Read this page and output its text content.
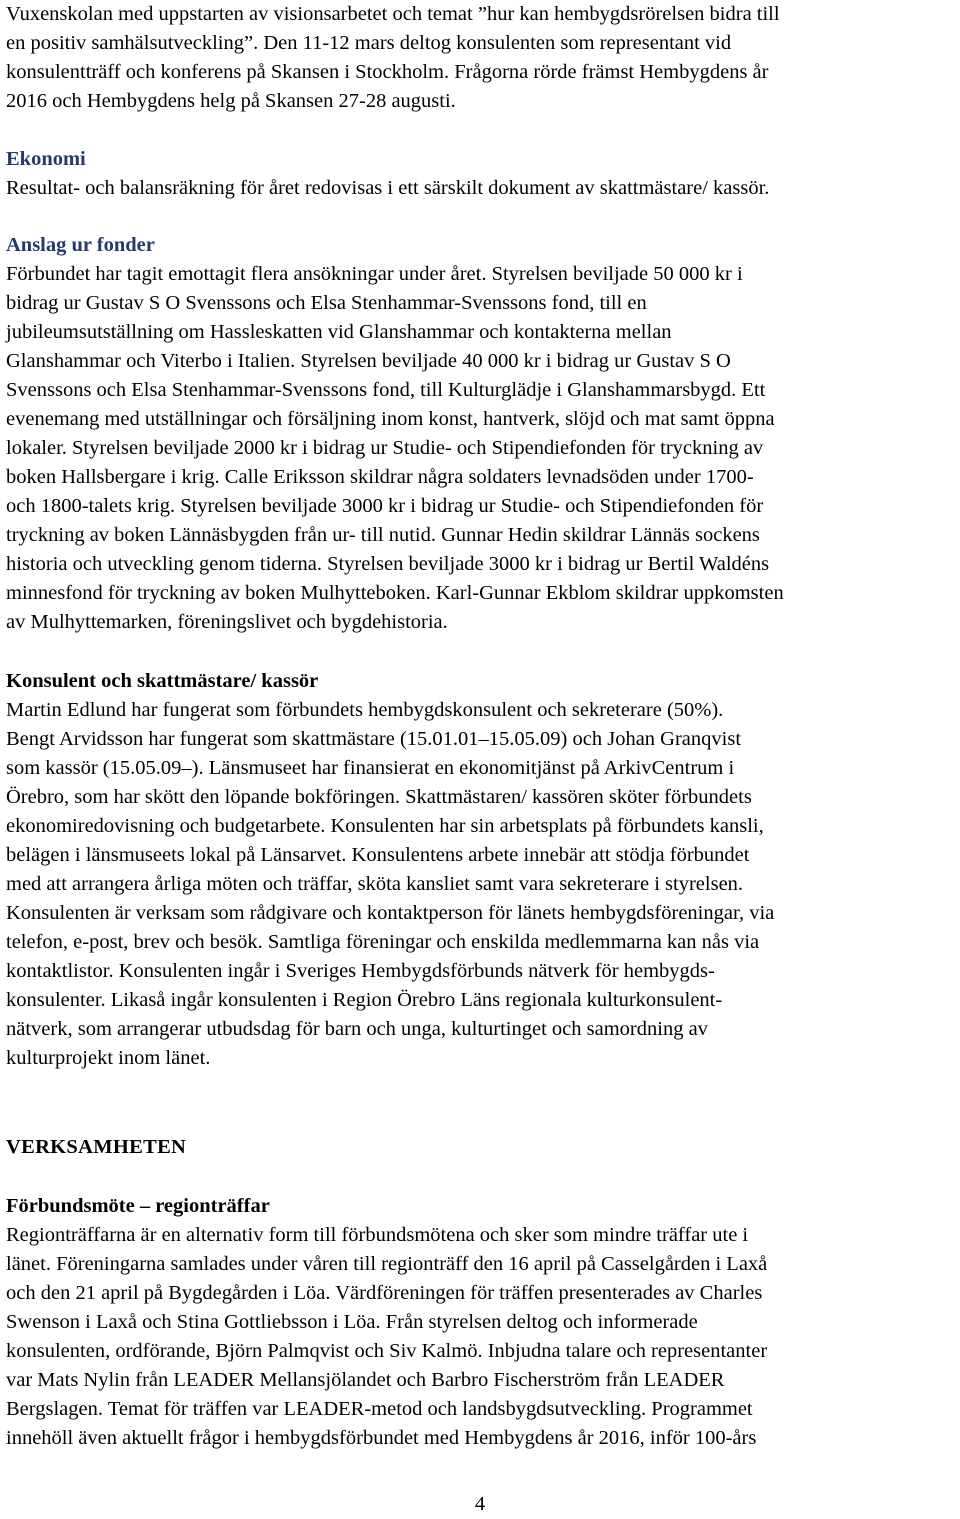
Vuxenskolan med uppstarten av visionsarbetet och temat ”hur kan hembygdsrörelsen bidra till
en positiv samhälsutveckling”. Den 11-12 mars deltog konsulenten som representant vid
konsulentträff och konferens på Skansen i Stockholm. Frågorna rörde främst Hembygdens år
2016 och Hembygdens helg på Skansen 27-28 augusti.
Ekonomi
Resultat- och balansräkning för året redovisas i ett särskilt dokument av skattmästare/ kassör.
Anslag ur fonder
Förbundet har tagit emottagit flera ansökningar under året. Styrelsen beviljade 50 000 kr i
bidrag ur Gustav S O Svenssons och Elsa Stenhammar-Svenssons fond, till en
jubileumsutställning om Hassleskatten vid Glanshammar och kontakterna mellan
Glanshammar och Viterbo i Italien. Styrelsen beviljade 40 000 kr i bidrag ur Gustav S O
Svenssons och Elsa Stenhammar-Svenssons fond, till Kulturglädje i Glanshammarsbygd. Ett
evenemang med utställningar och försäljning inom konst, hantverk, slöjd och mat samt öppna
lokaler. Styrelsen beviljade 2000 kr i bidrag ur Studie- och Stipendiefonden för tryckning av
boken Hallsbergare i krig. Calle Eriksson skildrar några soldaters levnadsöden under 1700-
och 1800-talets krig. Styrelsen beviljade 3000 kr i bidrag ur Studie- och Stipendiefonden för
tryckning av boken Lännäsbygden från ur- till nutid. Gunnar Hedin skildrar Lännäs sockens
historia och utveckling genom tiderna. Styrelsen beviljade 3000 kr i bidrag ur Bertil Waldéns
minnesfond för tryckning av boken Mulhytteboken. Karl-Gunnar Ekblom skildrar uppkomsten
av Mulhyttemarken, föreningslivet och bygdehistoria.
Konsulent och skattmästare/ kassör
Martin Edlund har fungerat som förbundets hembygdskonsulent och sekreterare (50%).
Bengt Arvidsson har fungerat som skattmästare (15.01.01–15.05.09) och Johan Granqvist
som kassör (15.05.09–). Länsmuseet har finansierat en ekonomitjänst på ArkivCentrum i
Örebro, som har skött den löpande bokföringen. Skattmästaren/ kassören sköter förbundets
ekonomiredovisning och budgetarbete. Konsulenten har sin arbetsplats på förbundets kansli,
belägen i länsmuseets lokal på Länsarvet. Konsulentens arbete innebär att stödja förbundet
med att arrangera årliga möten och träffar, sköta kansliet samt vara sekreterare i styrelsen.
Konsulenten är verksam som rådgivare och kontaktperson för länets hembygdsföreningar, via
telefon, e-post, brev och besök. Samtliga föreningar och enskilda medlemmarna kan nås via
kontaktlistor. Konsulenten ingår i Sveriges Hembygdsförbunds nätverk för hembygds-
konsulenter. Likaså ingår konsulenten i Region Örebro Läns regionala kulturkonsulent-
nätverk, som arrangerar utbudsdag för barn och unga, kulturtinget och samordning av
kulturprojekt inom länet.
VERKSAMHETEN
Förbundsmöte – regionträffar
Regionträffarna är en alternativ form till förbundsmötena och sker som mindre träffar ute i
länet. Föreningarna samlades under våren till regionträff den 16 april på Casselgården i Laxå
och den 21 april på Bygdegården i Löa. Värdföreningen för träffen presenterades av Charles
Swenson i Laxå och Stina Gottliebsson i Löa. Från styrelsen deltog och informerade
konsulenten, ordförande, Björn Palmqvist och Siv Kalmö. Inbjudna talare och representanter
var Mats Nylin från LEADER Mellansjölandet och Barbro Fischerström från LEADER
Bergslagen. Temat för träffen var LEADER-metod och landsbygdsutveckling. Programmet
innehöll även aktuellt frågor i hembygdsförbundet med Hembygdens år 2016, inför 100-års
4
